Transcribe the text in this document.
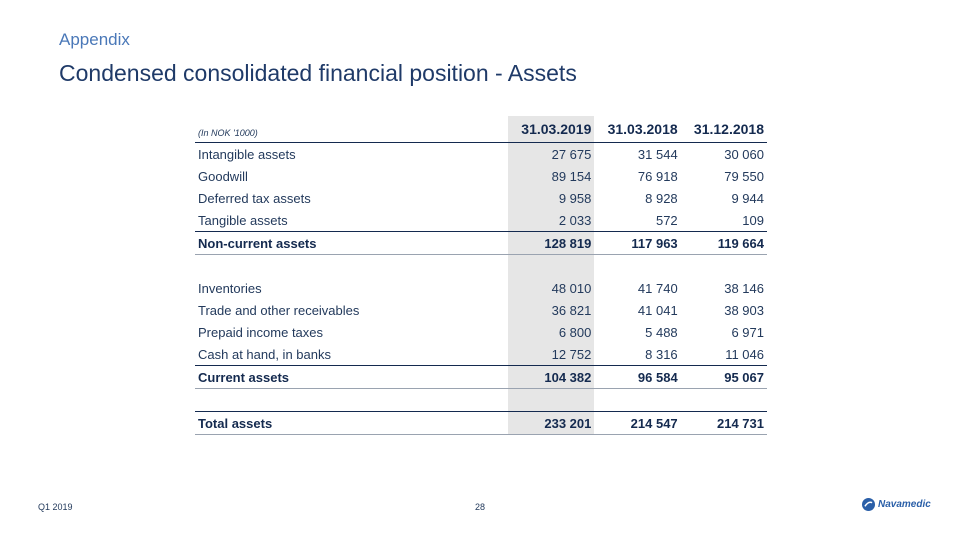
Appendix
Condensed consolidated financial position - Assets
(In NOK '1000)	31.03.2019	31.03.2018	31.12.2018
Intangible assets	27 675	31 544	30 060
Goodwill	89 154	76 918	79 550
Deferred tax assets	9 958	8 928	9 944
Tangible assets	2 033	572	109
Non-current assets	128 819	117 963	119 664

Inventories	48 010	41 740	38 146
Trade and other receivables	36 821	41 041	38 903
Prepaid income taxes	6 800	5 488	6 971
Cash at hand, in banks	12 752	8 316	11 046
Current assets	104 382	96 584	95 067

Total assets	233 201	214 547	214 731
Q1 2019	28	Navamedic
